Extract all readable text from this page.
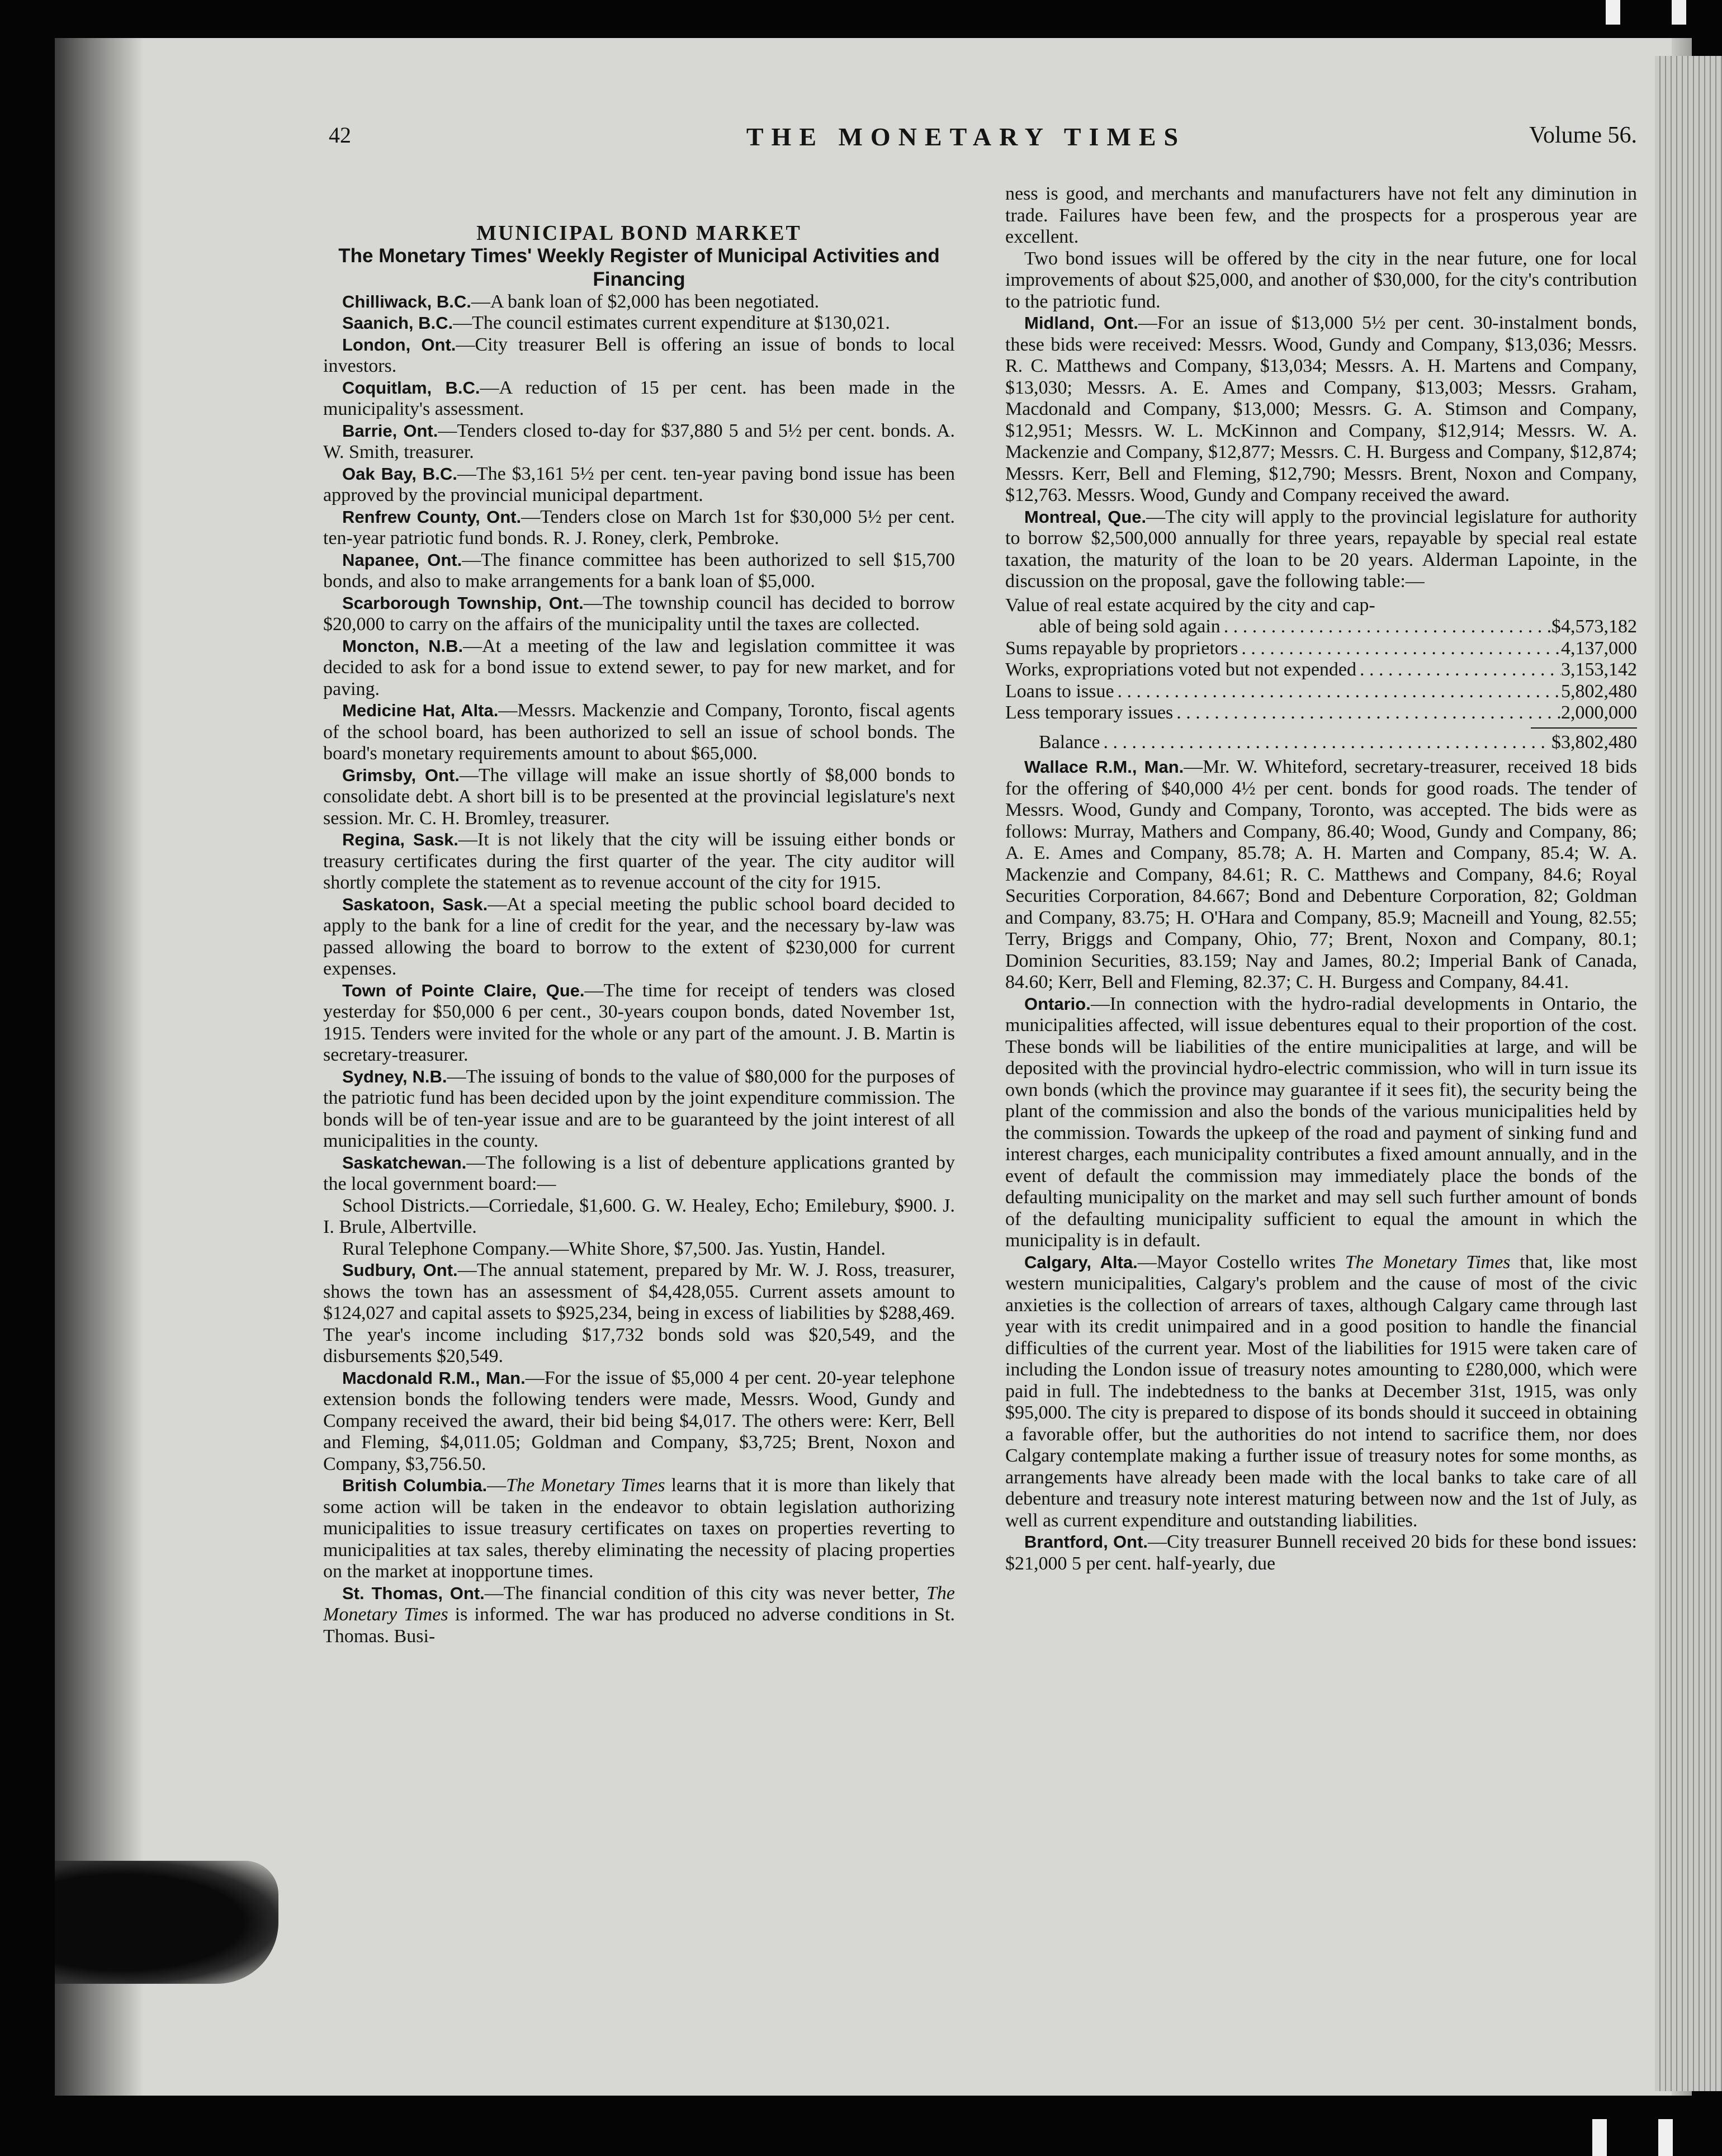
42	THE MONETARY TIMES	Volume 56.

MUNICIPAL BOND MARKET

The Monetary Times' Weekly Register of Municipal Activities and Financing

Chilliwack, B.C.—A bank loan of $2,000 has been negotiated.

Saanich, B.C.—The council estimates current expenditure at $130,021.

London, Ont.—City treasurer Bell is offering an issue of bonds to local investors.

Coquitlam, B.C.—A reduction of 15 per cent. has been made in the municipality's assessment.

Barrie, Ont.—Tenders closed to-day for $37,880 5 and 5½ per cent. bonds. A. W. Smith, treasurer.

Oak Bay, B.C.—The $3,161 5½ per cent. ten-year paving bond issue has been approved by the provincial municipal department.

Renfrew County, Ont.—Tenders close on March 1st for $30,000 5½ per cent. ten-year patriotic fund bonds. R. J. Roney, clerk, Pembroke.

Napanee, Ont.—The finance committee has been authorized to sell $15,700 bonds, and also to make arrangements for a bank loan of $5,000.

Scarborough Township, Ont.—The township council has decided to borrow $20,000 to carry on the affairs of the municipality until the taxes are collected.

Moncton, N.B.—At a meeting of the law and legislation committee it was decided to ask for a bond issue to extend sewer, to pay for new market, and for paving.

Medicine Hat, Alta.—Messrs. Mackenzie and Company, Toronto, fiscal agents of the school board, has been authorized to sell an issue of school bonds. The board's monetary requirements amount to about $65,000.

Grimsby, Ont.—The village will make an issue shortly of $8,000 bonds to consolidate debt. A short bill is to be presented at the provincial legislature's next session. Mr. C. H. Bromley, treasurer.

Regina, Sask.—It is not likely that the city will be issuing either bonds or treasury certificates during the first quarter of the year. The city auditor will shortly complete the statement as to revenue account of the city for 1915.

Saskatoon, Sask.—At a special meeting the public school board decided to apply to the bank for a line of credit for the year, and the necessary by-law was passed allowing the board to borrow to the extent of $230,000 for current expenses.

Town of Pointe Claire, Que.—The time for receipt of tenders was closed yesterday for $50,000 6 per cent., 30-years coupon bonds, dated November 1st, 1915. Tenders were invited for the whole or any part of the amount. J. B. Martin is secretary-treasurer.

Sydney, N.B.—The issuing of bonds to the value of $80,000 for the purposes of the patriotic fund has been decided upon by the joint expenditure commission. The bonds will be of ten-year issue and are to be guaranteed by the joint interest of all municipalities in the county.

Saskatchewan.—The following is a list of debenture applications granted by the local government board:—

School Districts.—Corriedale, $1,600. G. W. Healey, Echo; Emilebury, $900. J. I. Brule, Albertville.

Rural Telephone Company.—White Shore, $7,500. Jas. Yustin, Handel.

Sudbury, Ont.—The annual statement, prepared by Mr. W. J. Ross, treasurer, shows the town has an assessment of $4,428,055. Current assets amount to $124,027 and capital assets to $925,234, being in excess of liabilities by $288,469. The year's income including $17,732 bonds sold was $20,549, and the disbursements $20,549.

Macdonald R.M., Man.—For the issue of $5,000 4 per cent. 20-year telephone extension bonds the following tenders were made, Messrs. Wood, Gundy and Company received the award, their bid being $4,017. The others were: Kerr, Bell and Fleming, $4,011.05; Goldman and Company, $3,725; Brent, Noxon and Company, $3,756.50.

British Columbia.—The Monetary Times learns that it is more than likely that some action will be taken in the endeavor to obtain legislation authorizing municipalities to issue treasury certificates on taxes on properties reverting to municipalities at tax sales, thereby eliminating the necessity of placing properties on the market at inopportune times.

St. Thomas, Ont.—The financial condition of this city was never better, The Monetary Times is informed. The war has produced no adverse conditions in St. Thomas. Busi-

ness is good, and merchants and manufacturers have not felt any diminution in trade. Failures have been few, and the prospects for a prosperous year are excellent.

Two bond issues will be offered by the city in the near future, one for local improvements of about $25,000, and another of $30,000, for the city's contribution to the patriotic fund.

Midland, Ont.—For an issue of $13,000 5½ per cent. 30-instalment bonds, these bids were received: Messrs. Wood, Gundy and Company, $13,036; Messrs. R. C. Matthews and Company, $13,034; Messrs. A. H. Martens and Company, $13,030; Messrs. A. E. Ames and Company, $13,003; Messrs. Graham, Macdonald and Company, $13,000; Messrs. G. A. Stimson and Company, $12,951; Messrs. W. L. McKinnon and Company, $12,914; Messrs. W. A. Mackenzie and Company, $12,877; Messrs. C. H. Burgess and Company, $12,874; Messrs. Kerr, Bell and Fleming, $12,790; Messrs. Brent, Noxon and Company, $12,763. Messrs. Wood, Gundy and Company received the award.

Montreal, Que.—The city will apply to the provincial legislature for authority to borrow $2,500,000 annually for three years, repayable by special real estate taxation, the maturity of the loan to be 20 years. Alderman Lapointe, in the discussion on the proposal, gave the following table:—

Value of real estate acquired by the city and cap-
able of being sold again . . .	$4,573,182
Sums repayable by proprietors . . .	4,137,000
Works, expropriations voted but not expended . . .	3,153,142
Loans to issue . . .	5,802,480
Less temporary issues . . .	2,000,000
Balance . . .	$3,802,480

Wallace R.M., Man.—Mr. W. Whiteford, secretary-treasurer, received 18 bids for the offering of $40,000 4½ per cent. bonds for good roads. The tender of Messrs. Wood, Gundy and Company, Toronto, was accepted. The bids were as follows: Murray, Mathers and Company, 86.40; Wood, Gundy and Company, 86; A. E. Ames and Company, 85.78; A. H. Marten and Company, 85.4; W. A. Mackenzie and Company, 84.61; R. C. Matthews and Company, 84.6; Royal Securities Corporation, 84.667; Bond and Debenture Corporation, 82; Goldman and Company, 83.75; H. O'Hara and Company, 85.9; Macneill and Young, 82.55; Terry, Briggs and Company, Ohio, 77; Brent, Noxon and Company, 80.1; Dominion Securities, 83.159; Nay and James, 80.2; Imperial Bank of Canada, 84.60; Kerr, Bell and Fleming, 82.37; C. H. Burgess and Company, 84.41.

Ontario.—In connection with the hydro-radial developments in Ontario, the municipalities affected, will issue debentures equal to their proportion of the cost. These bonds will be liabilities of the entire municipalities at large, and will be deposited with the provincial hydro-electric commission, who will in turn issue its own bonds (which the province may guarantee if it sees fit), the security being the plant of the commission and also the bonds of the various municipalities held by the commission. Towards the upkeep of the road and payment of sinking fund and interest charges, each municipality contributes a fixed amount annually, and in the event of default the commission may immediately place the bonds of the defaulting municipality on the market and may sell such further amount of bonds of the defaulting municipality sufficient to equal the amount in which the municipality is in default.

Calgary, Alta.—Mayor Costello writes The Monetary Times that, like most western municipalities, Calgary's problem and the cause of most of the civic anxieties is the collection of arrears of taxes, although Calgary came through last year with its credit unimpaired and in a good position to handle the financial difficulties of the current year. Most of the liabilities for 1915 were taken care of including the London issue of treasury notes amounting to £280,000, which were paid in full. The indebtedness to the banks at December 31st, 1915, was only $95,000. The city is prepared to dispose of its bonds should it succeed in obtaining a favorable offer, but the authorities do not intend to sacrifice them, nor does Calgary contemplate making a further issue of treasury notes for some months, as arrangements have already been made with the local banks to take care of all debenture and treasury note interest maturing between now and the 1st of July, as well as current expenditure and outstanding liabilities.

Brantford, Ont.—City treasurer Bunnell received 20 bids for these bond issues: $21,000 5 per cent. half-yearly, due
